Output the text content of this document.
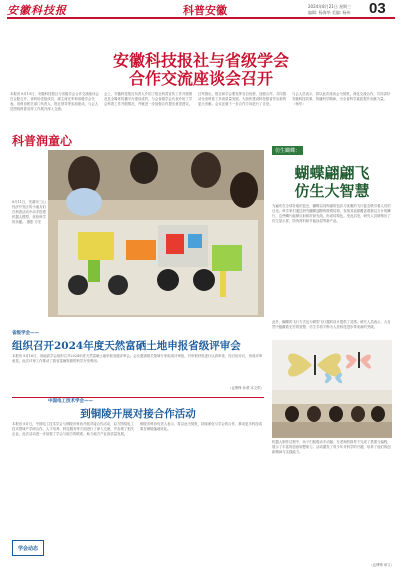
安徽科技报	科普安徽	2024年8月21日 星期三
编辑: 杨海华 美编: 杨伟 03
安徽科技报社与省级学会
合作交流座谈会召开
本报讯 8月19日，安徽科技报社与省级学会合作交流座谈会在合肥召开。省科协党组成员、副主席汪军和省级学会代表、省科协相关部门负责人、报社领导等参加座谈。与会人员围绕科普宣传工作展开深入交流。
会上，安徽科技报社负责人介绍了报社科普宣传工作开展情况及全媒体传播平台建设成效，与会省级学会代表介绍了学会科普工作开展情况，并就进一步加强合作提出意见建议。
汪军指出，报社和学会要发挥各自优势，加强合作，共同推动全省科普工作高质量发展，为加快建设科技强省作出新的更大贡献。会议还就下一步合作方向进行了讨论。
与会人员表示，将以此次座谈会为契机，深化交流合作，共同讲好安徽科技故事，传播科学精神，为全省科学素质提升贡献力量。（杨华）
科普润童心
8月11日，芜湖市三山经济开发区的小朋友们在科普活动中动手搭建机器人模型，体验科学的乐趣。 摄影 方宏
仿生蝴蝶：
蝴蝶翩翩飞
仿生大智慧
为遍布在全球各地的昆虫，蝴蝶以其绚丽的色彩与优雅的飞行姿态吸引着人们的目光。科学家们通过研究蝴蝶翅膀的微观结构，发现其表面覆盖着数以万计的鳞片，这些鳞片能够反射和折射光线，形成结构色。受此启发，研究人员研制出了仿生显示屏、防伪材料和节能涂层等新产品。
此外，蝴蝶的飞行方式也为微型飞行器的设计提供了灵感。研究人员表示，大自然中蕴藏着无穷的智慧，仿生学将不断为人类科技进步带来新的突破。
机器人制作过程中，孩子们积极动手动脑，在老师的指导下完成了搭建与编程，展示了丰富的创意和想象力。活动激发了青少年对科学的兴趣，培养了他们的创新精神与实践能力。
（孟博锋 章文）
省级学会——
组织召开2024年度天然富硒土地申报省级评审会
本报讯 8月16日，省地质学会组织召开2024年度天然富硒土地申报省级评审会。会议邀请相关领域专家组成评审组，对申报材料进行认真审查，经讨论评议，形成评审意见。此次评审工作推动了我省富硒资源的科学开发利用。
（孟博锋 孙勇 本文供）
中国电工技术学会——
到铜陵开展对接合作活动
本报讯 8月日，中国电工技术学会与铜陵市科协开展对接合作活动，双方围绕电工技术领域产学研合作、人才培养、科技服务等方面进行了深入交流，并参观了相关企业。此次活动进一步加强了学会与地方的联系，助力地方产业高质量发展。
铜陵市科协负责人表示，将以此为契机，持续深化与学会的合作，推动更多科技成果在铜陵落地转化。
学会动态
